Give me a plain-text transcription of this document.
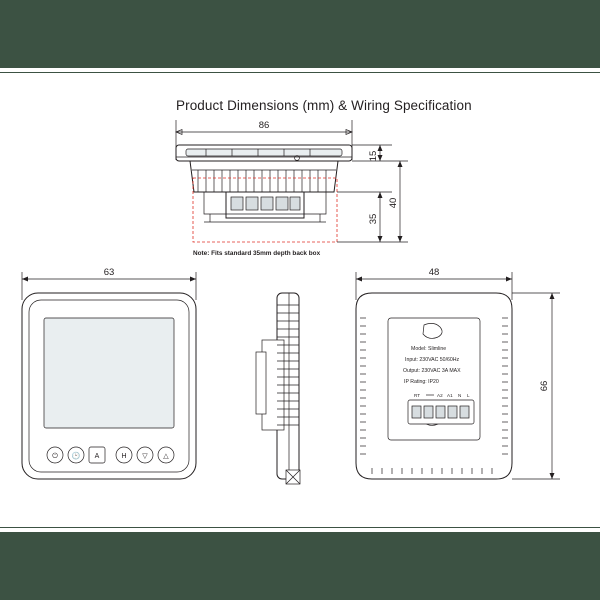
Product Dimensions (mm) & Wiring Specification
86
15
35
40
Note: Fits standard 35mm depth back box
63
⏻ 🕑 A	H ▽ △
48
Model: Slimline
Input: 230VAC 50/60Hz
Output: 230VAC 3A MAX
IP Rating: IP20
RT	A2 A1 N L
66
